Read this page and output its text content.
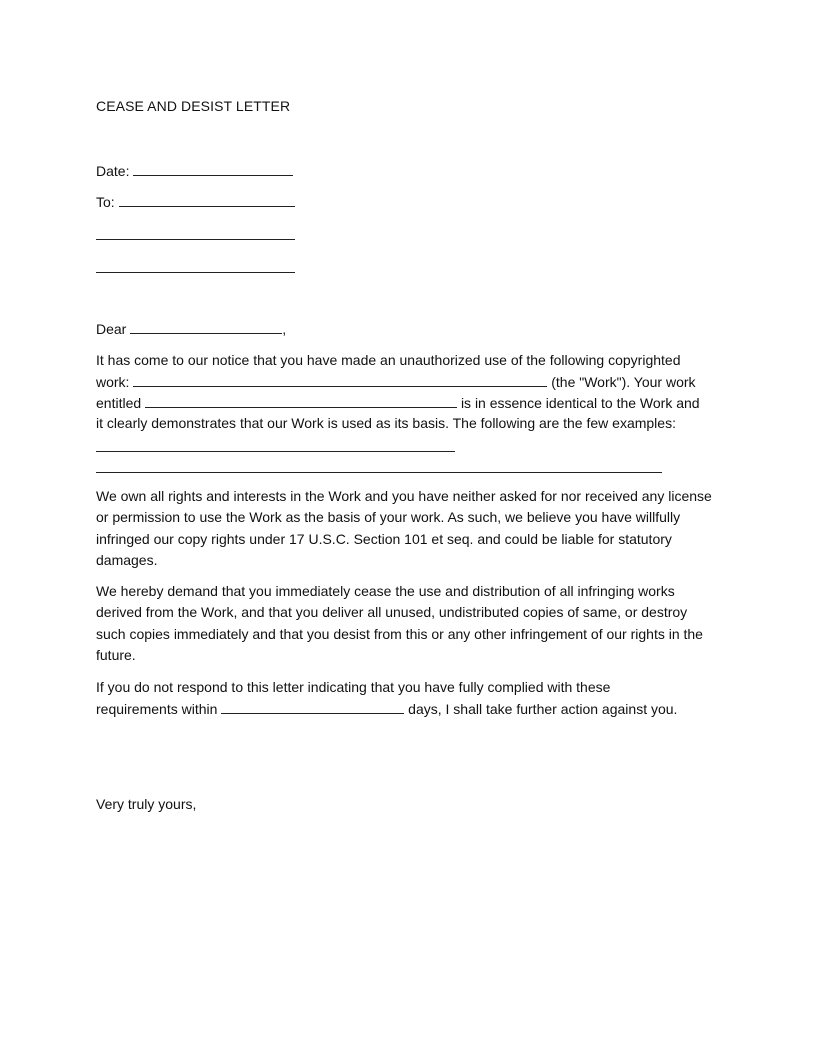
CEASE AND DESIST LETTER
Date:
To:
Dear	,
It has come to our notice that you have made an unauthorized use of the following copyrighted
work:	(the "Work"). Your work
entitled	is in essence identical to the Work and
it clearly demonstrates that our Work is used as its basis. The following are the few examples:
We own all rights and interests in the Work and you have neither asked for nor received any license or permission to use the Work as the basis of your work. As such, we believe you have willfully infringed our copy rights under 17 U.S.C. Section 101 et seq. and could be liable for statutory damages.
We hereby demand that you immediately cease the use and distribution of all infringing works derived from the Work, and that you deliver all unused, undistributed copies of same, or destroy such copies immediately and that you desist from this or any other infringement of our rights in the future.
If you do not respond to this letter indicating that you have fully complied with these
requirements within	days, I shall take further action against you.
Very truly yours,
